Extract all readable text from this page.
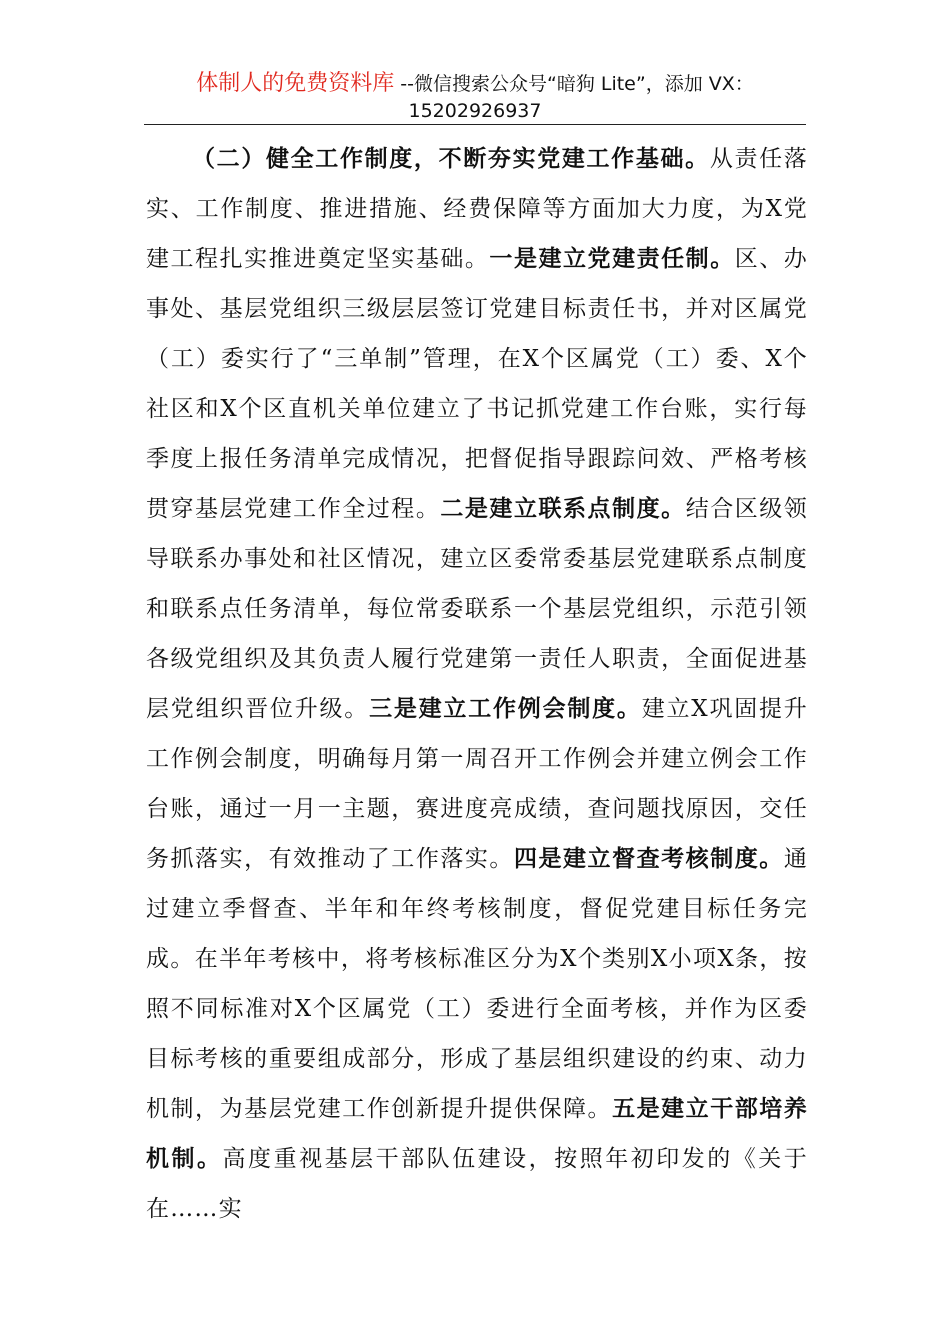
体制人的免费资料库 --微信搜索公众号“暗狗 Lite”，添加 VX：
15202926937
（二）健全工作制度，不断夯实党建工作基础。从责任落实、工作制度、推进措施、经费保障等方面加大力度，为X党建工程扎实推进奠定坚实基础。一是建立党建责任制。区、办事处、基层党组织三级层层签订党建目标责任书，并对区属党（工）委实行了“三单制”管理，在X个区属党（工）委、X个社区和X个区直机关单位建立了书记抓党建工作台账，实行每季度上报任务清单完成情况，把督促指导跟踪问效、严格考核贯穿基层党建工作全过程。二是建立联系点制度。结合区级领导联系办事处和社区情况，建立区委常委基层党建联系点制度和联系点任务清单，每位常委联系一个基层党组织，示范引领各级党组织及其负责人履行党建第一责任人职责，全面促进基层党组织晋位升级。三是建立工作例会制度。建立X巩固提升工作例会制度，明确每月第一周召开工作例会并建立例会工作台账，通过一月一主题，赛进度亮成绩，查问题找原因，交任务抓落实，有效推动了工作落实。四是建立督查考核制度。通过建立季督查、半年和年终考核制度，督促党建目标任务完成。在半年考核中，将考核标准区分为X个类别X小项X条，按照不同标准对X个区属党（工）委进行全面考核，并作为区委目标考核的重要组成部分，形成了基层组织建设的约束、动力机制，为基层党建工作创新提升提供保障。五是建立干部培养机制。高度重视基层干部队伍建设，按照年初印发的《关于在……实
